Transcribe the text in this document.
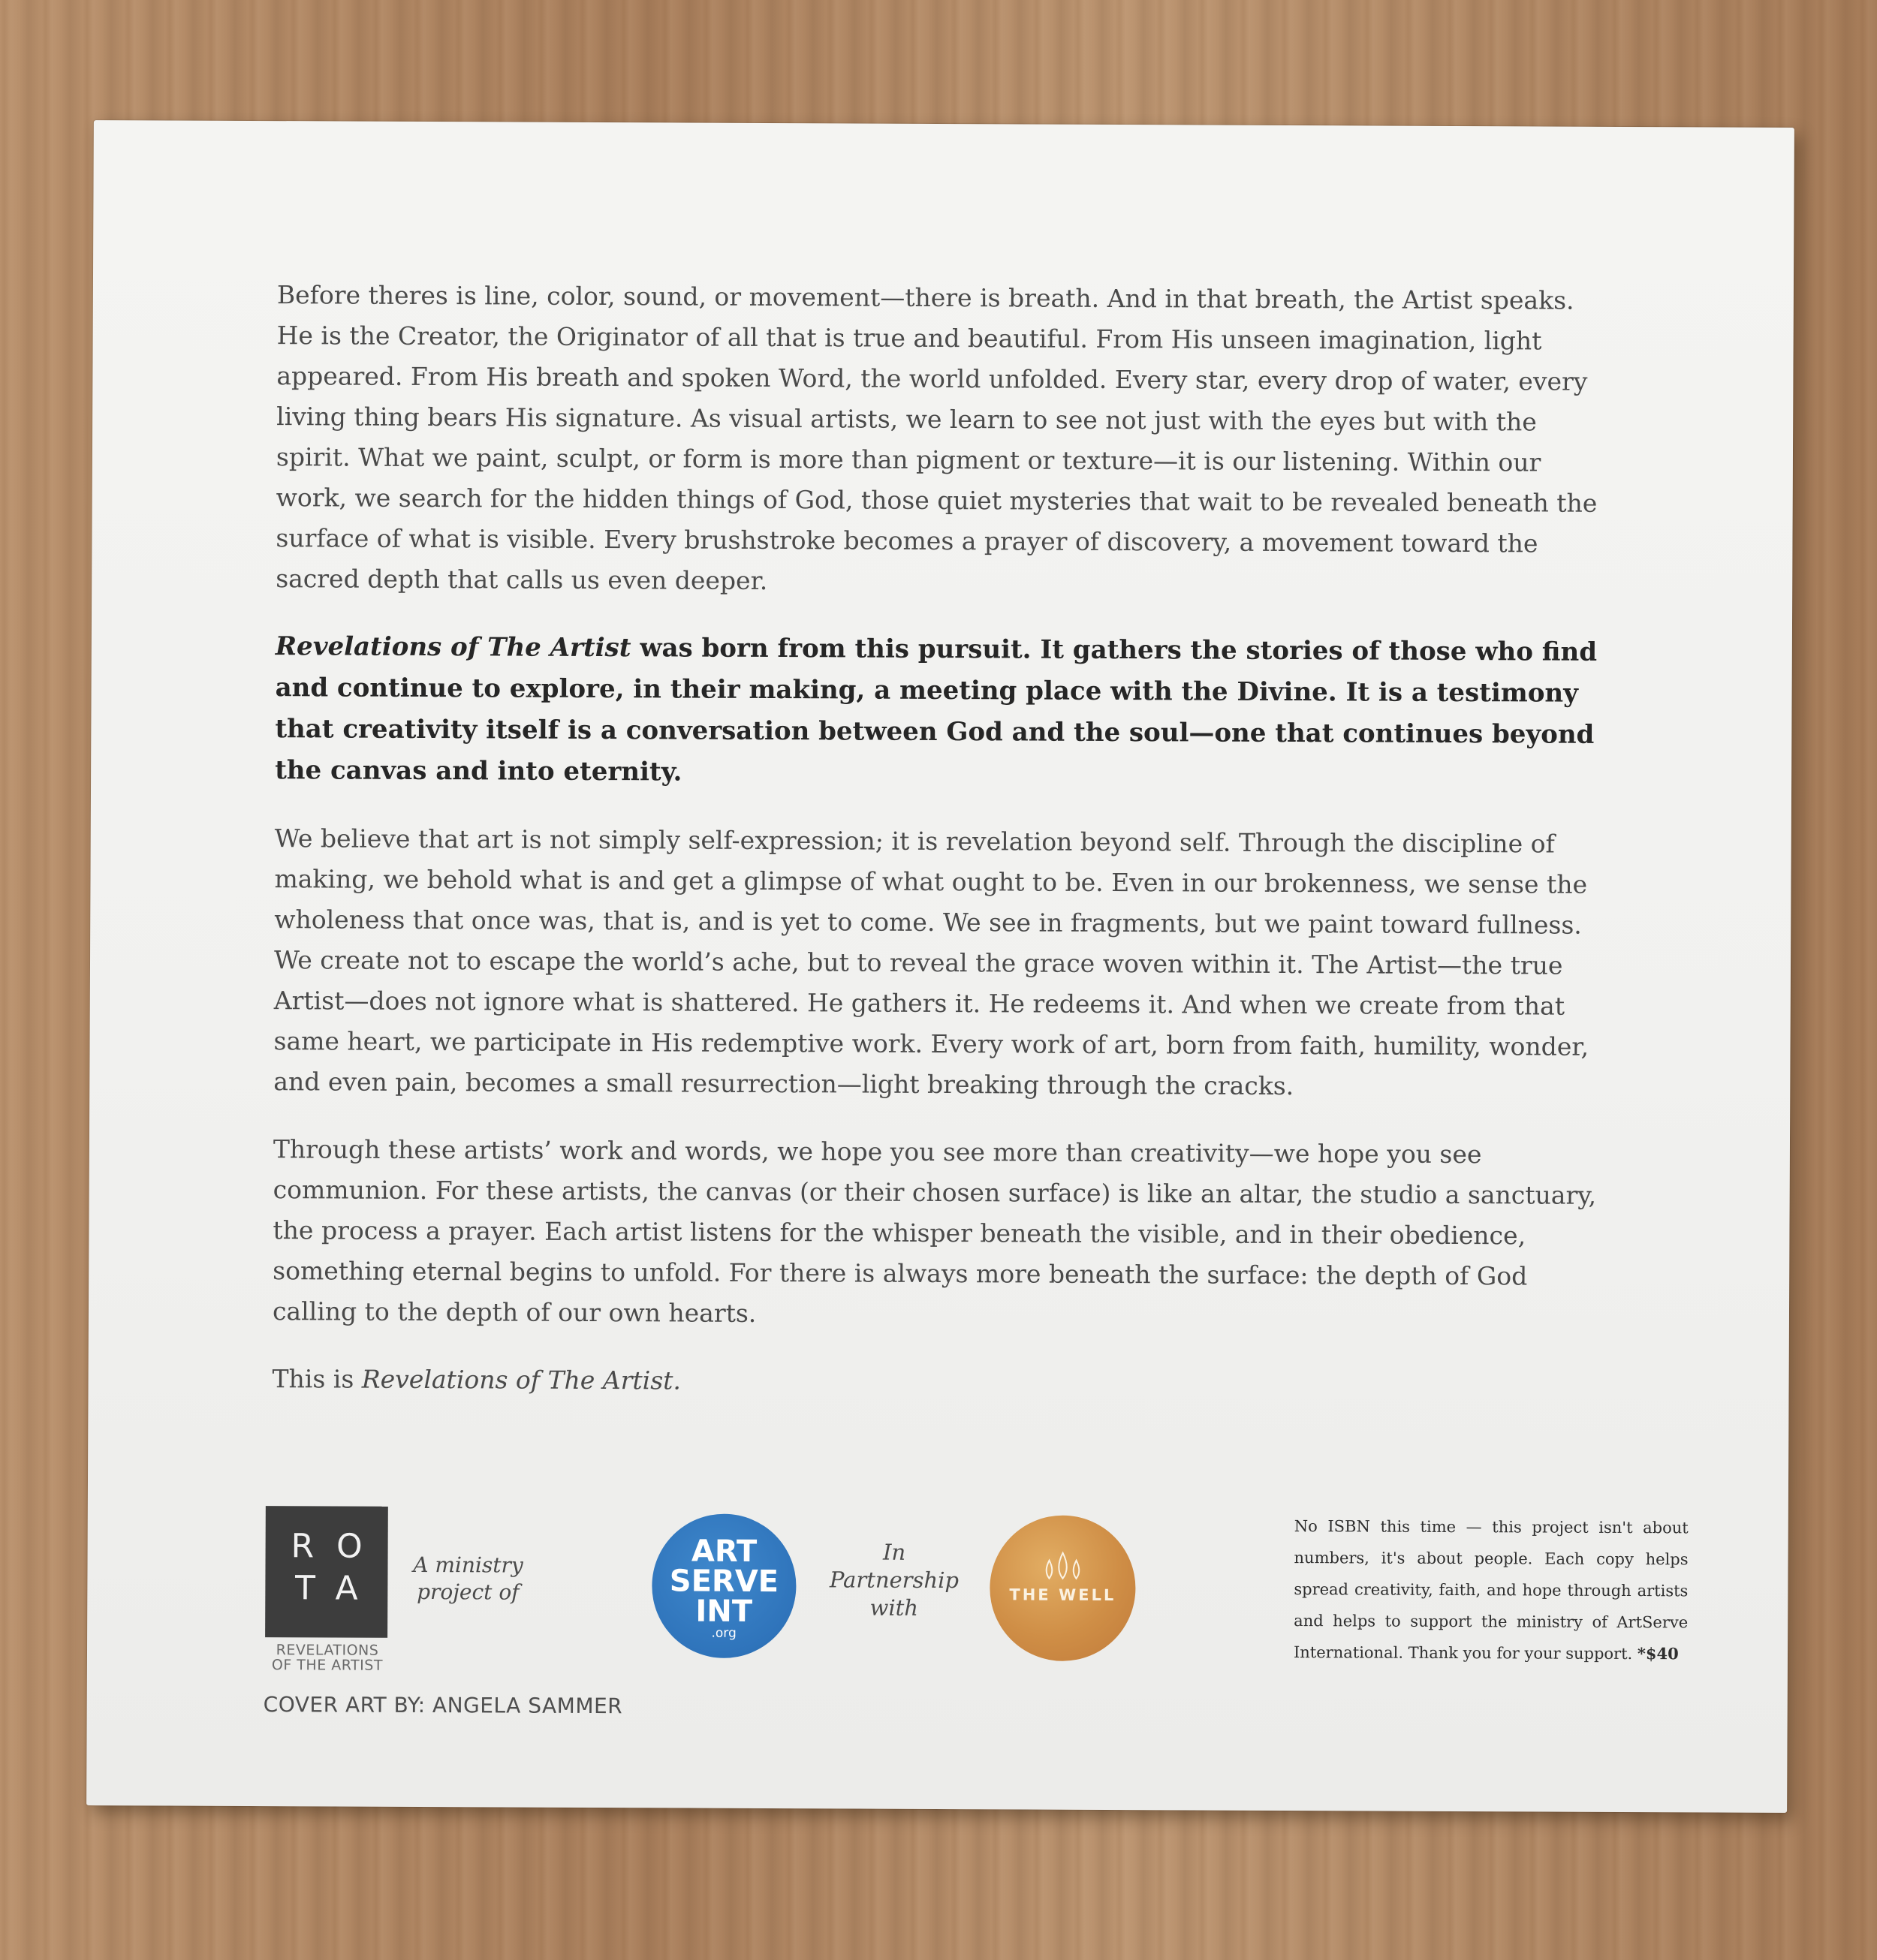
Before theres is line, color, sound, or movement—there is breath. And in that breath, the Artist speaks. He is the Creator, the Originator of all that is true and beautiful. From His unseen imagination, light appeared. From His breath and spoken Word, the world unfolded. Every star, every drop of water, every living thing bears His signature. As visual artists, we learn to see not just with the eyes but with the spirit. What we paint, sculpt, or form is more than pigment or texture—it is our listening. Within our work, we search for the hidden things of God, those quiet mysteries that wait to be revealed beneath the surface of what is visible. Every brushstroke becomes a prayer of discovery, a movement toward the sacred depth that calls us even deeper.

Revelations of The Artist was born from this pursuit. It gathers the stories of those who find and continue to explore, in their making, a meeting place with the Divine. It is a testimony that creativity itself is a conversation between God and the soul—one that continues beyond the canvas and into eternity.

We believe that art is not simply self-expression; it is revelation beyond self. Through the discipline of making, we behold what is and get a glimpse of what ought to be. Even in our brokenness, we sense the wholeness that once was, that is, and is yet to come. We see in fragments, but we paint toward fullness. We create not to escape the world’s ache, but to reveal the grace woven within it. The Artist—the true Artist—does not ignore what is shattered. He gathers it. He redeems it. And when we create from that same heart, we participate in His redemptive work. Every work of art, born from faith, humility, wonder, and even pain, becomes a small resurrection—light breaking through the cracks.

Through these artists’ work and words, we hope you see more than creativity—we hope you see communion. For these artists, the canvas (or their chosen surface) is like an altar, the studio a sanctuary, the process a prayer. Each artist listens for the whisper beneath the visible, and in their obedience, something eternal begins to unfold. For there is always more beneath the surface: the depth of God calling to the depth of our own hearts.

This is Revelations of The Artist.

RO
TA
REVELATIONS
OF THE ARTIST
COVER ART BY: ANGELA SAMMER
A ministry
project of
ART
SERVE
INT
.org
In
Partnership
with	THE WELL
No ISBN this time — this project isn't about numbers, it's about people. Each copy helps spread creativity, faith, and hope through artists and helps to support the ministry of ArtServe International. Thank you for your support. *$40
